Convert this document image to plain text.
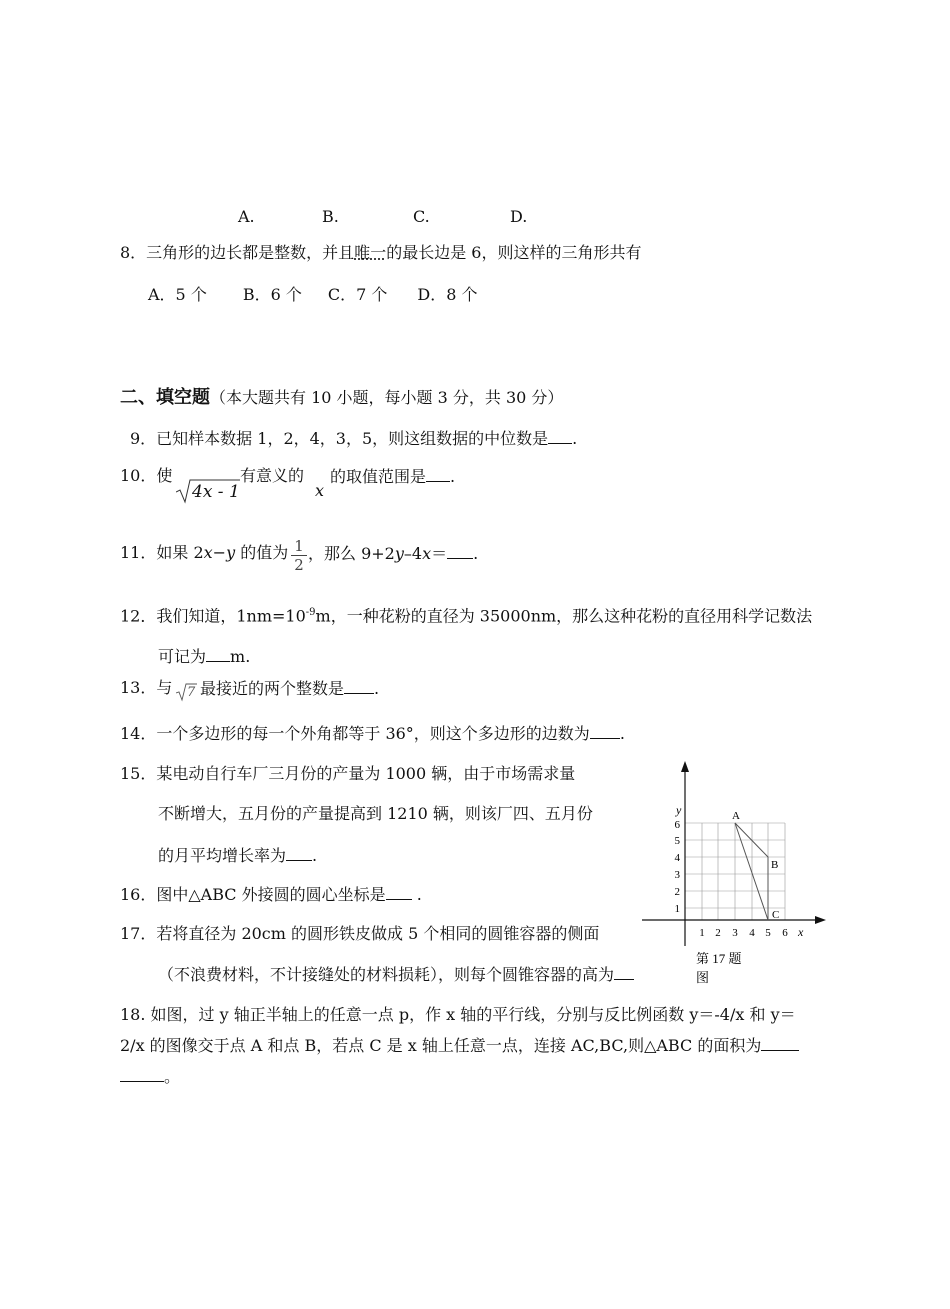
A.	B.	C.	D.
8．三角形的边长都是整数，并且唯一的最长边是 6，则这样的三角形共有
A．5 个 B．6 个 C．7 个 D．8 个
二、填空题（本大题共有 10 小题，每小题 3 分，共 30 分）
9．已知样本数据 1，2，4，3，5，则这组数据的中位数是 .
10．使
4x - 1
有意义的
x
的取值范围是 .
11．如果 2x−y 的值为 $\frac{1}{2}$ ，那么 9+2y–4x＝ .
12．我们知道，$1nm=10^{-9}m$，一种花粉的直径为 35000nm，那么这种花粉的直径用科学记数法
可记为 m.
13．与 7 最接近的两个整数是 .
14．一个多边形的每一个外角都等于 36°，则这个多边形的边数为 .
15．某电动自行车厂三月份的产量为 1000 辆，由于市场需求量
不断增大，五月份的产量提高到 1210 辆，则该厂四、五月份
的月平均增长率为 .
16．图中△ABC 外接圆的圆心坐标是 .
17．若将直径为 20cm 的圆形铁皮做成 5 个相同的圆锥容器的侧面
（不浪费材料，不计接缝处的材料损耗），则每个圆锥容器的高为
18. 如图，过 y 轴正半轴上的任意一点 p，作 x 轴的平行线，分别与反比例函数 y＝-4/x 和 y＝
2/x 的图像交于点 A 和点 B，若点 C 是 x 轴上任意一点，连接 AC,BC,则△ABC 的面积为
。
y
x
1
2
3
4
5
6
1 2 3 4 5 6
A
B
C
第 17 题
图
